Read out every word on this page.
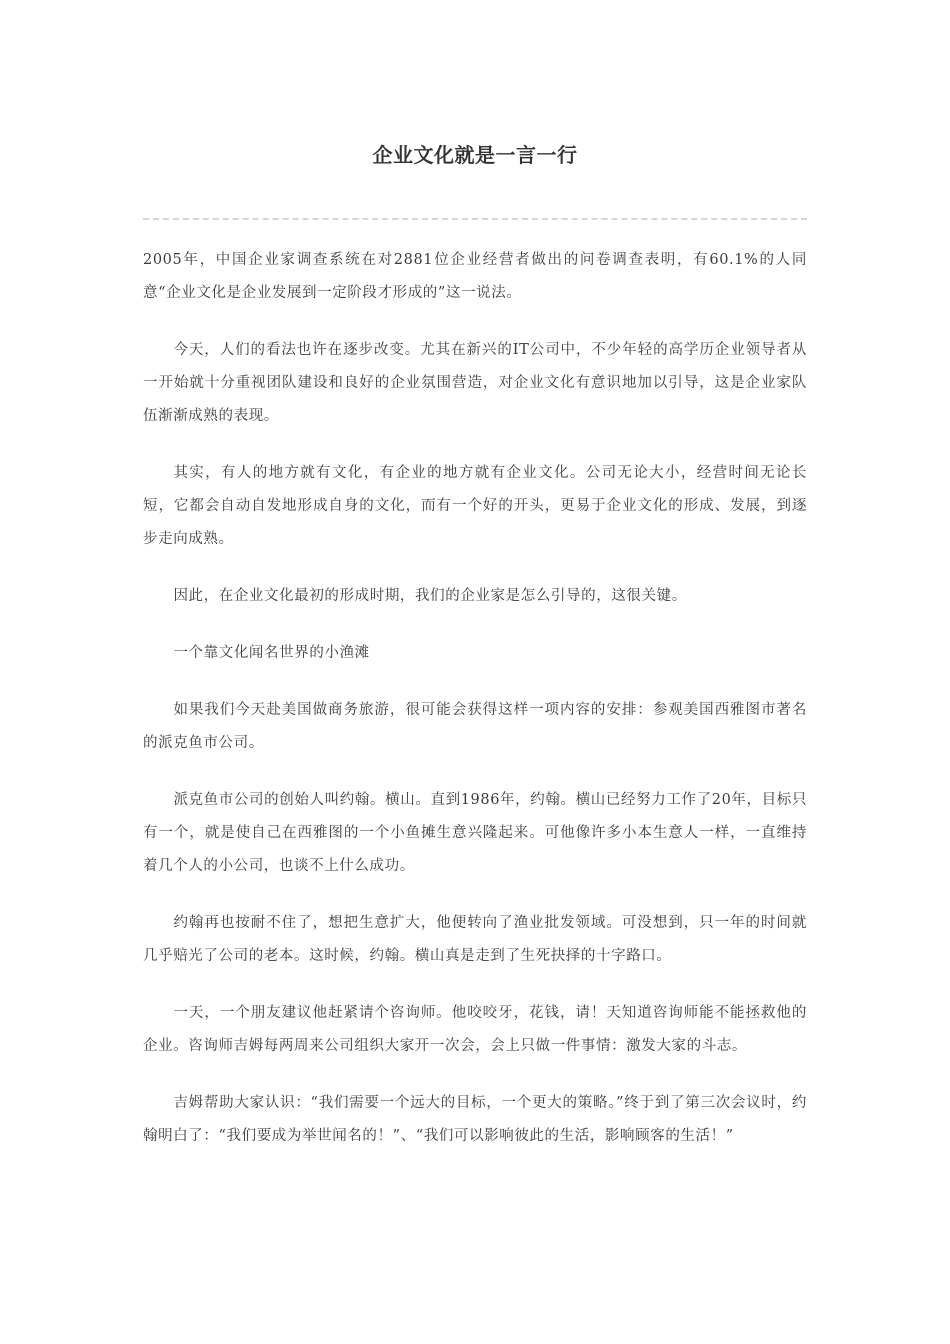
企业文化就是一言一行

2005年，中国企业家调查系统在对2881位企业经营者做出的问卷调查表明，有60.1%的人同意“企业文化是企业发展到一定阶段才形成的”这一说法。

今天，人们的看法也许在逐步改变。尤其在新兴的IT公司中，不少年轻的高学历企业领导者从一开始就十分重视团队建设和良好的企业氛围营造，对企业文化有意识地加以引导，这是企业家队伍渐渐成熟的表现。

其实，有人的地方就有文化，有企业的地方就有企业文化。公司无论大小，经营时间无论长短，它都会自动自发地形成自身的文化，而有一个好的开头，更易于企业文化的形成、发展，到逐步走向成熟。

因此，在企业文化最初的形成时期，我们的企业家是怎么引导的，这很关键。

一个靠文化闻名世界的小渔滩

如果我们今天赴美国做商务旅游，很可能会获得这样一项内容的安排：参观美国西雅图市著名的派克鱼市公司。

派克鱼市公司的创始人叫约翰。横山。直到1986年，约翰。横山已经努力工作了20年，目标只有一个，就是使自己在西雅图的一个小鱼摊生意兴隆起来。可他像许多小本生意人一样，一直维持着几个人的小公司，也谈不上什么成功。

约翰再也按耐不住了，想把生意扩大，他便转向了渔业批发领域。可没想到，只一年的时间就几乎赔光了公司的老本。这时候，约翰。横山真是走到了生死抉择的十字路口。

一天，一个朋友建议他赶紧请个咨询师。他咬咬牙，花钱，请！天知道咨询师能不能拯救他的企业。咨询师吉姆每两周来公司组织大家开一次会，会上只做一件事情：激发大家的斗志。

吉姆帮助大家认识：“我们需要一个远大的目标，一个更大的策略。”终于到了第三次会议时，约翰明白了：“我们要成为举世闻名的！”、“我们可以影响彼此的生活，影响顾客的生活！”
